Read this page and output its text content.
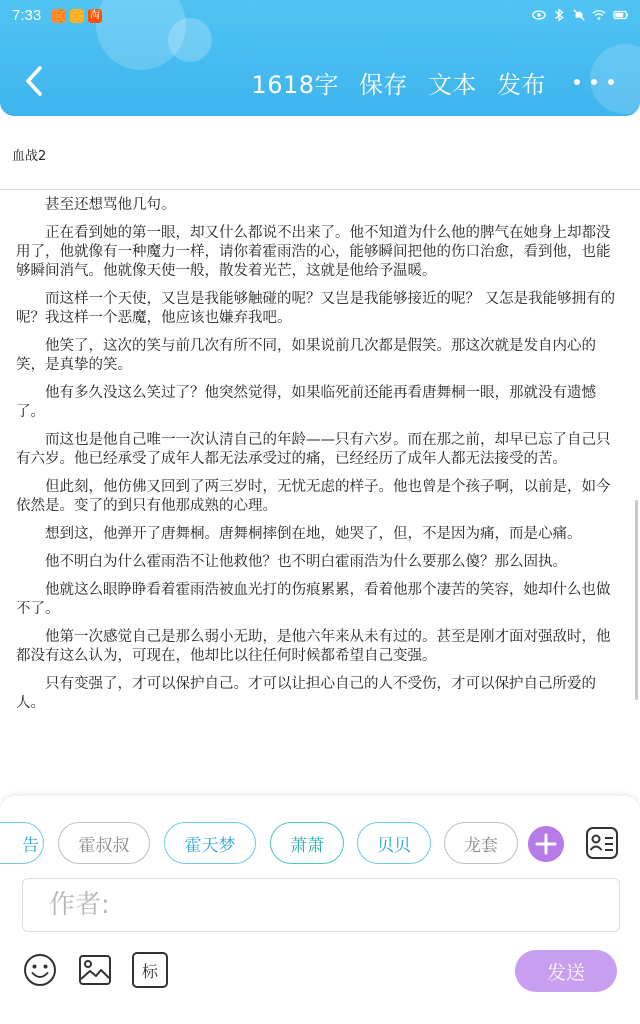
7:33	淘
1618字 保存 文本 发布
血战2

甚至还想骂他几句。

正在看到她的第一眼，却又什么都说不出来了。他不知道为什么他的脾气在她身上却都没用了，他就像有一种魔力一样，请你着霍雨浩的心，能够瞬间把他的伤口治愈，看到他，也能够瞬间消气。他就像天使一般，散发着光芒，这就是他给予温暖。

而这样一个天使，又岂是我能够触碰的呢？又岂是我能够接近的呢？ 又怎是我能够拥有的呢？我这样一个恶魔，他应该也嫌弃我吧。

他笑了，这次的笑与前几次有所不同，如果说前几次都是假笑。那这次就是发自内心的笑，是真挚的笑。

他有多久没这么笑过了？他突然觉得，如果临死前还能再看唐舞桐一眼，那就没有遗憾了。

而这也是他自己唯一一次认清自己的年龄——只有六岁。而在那之前，却早已忘了自己只有六岁。他已经承受了成年人都无法承受过的痛，已经经历了成年人都无法接受的苦。

但此刻，他仿佛又回到了两三岁时，无忧无虑的样子。他也曾是个孩子啊，以前是，如今依然是。变了的到只有他那成熟的心理。

想到这，他弹开了唐舞桐。唐舞桐摔倒在地，她哭了，但，不是因为痛，而是心痛。

他不明白为什么霍雨浩不让他救他？也不明白霍雨浩为什么要那么傻？那么固执。

他就这么眼睁睁看着霍雨浩被血光打的伤痕累累，看着他那个凄苦的笑容，她却什么也做不了。

他第一次感觉自己是那么弱小无助，是他六年来从未有过的。甚至是刚才面对强敌时，他都没有这么认为，可现在，他却比以往任何时候都希望自己变强。

只有变强了，才可以保护自己。才可以让担心自己的人不受伤，才可以保护自己所爱的人。

告	霍叔叔	霍天梦	萧萧	贝贝	龙套
作者:
标	发送
